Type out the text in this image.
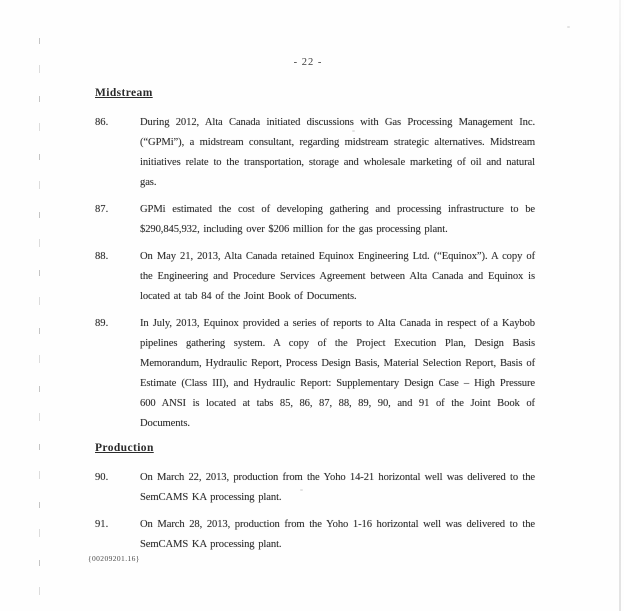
- 22 -
Midstream
86.	During 2012, Alta Canada initiated discussions with Gas Processing Management Inc. (“GPMi”), a midstream consultant, regarding midstream strategic alternatives. Midstream initiatives relate to the transportation, storage and wholesale marketing of oil and natural gas.
87.	GPMi estimated the cost of developing gathering and processing infrastructure to be $290,845,932, including over $206 million for the gas processing plant.
88.	On May 21, 2013, Alta Canada retained Equinox Engineering Ltd. (“Equinox”). A copy of the Engineering and Procedure Services Agreement between Alta Canada and Equinox is located at tab 84 of the Joint Book of Documents.
89.	In July, 2013, Equinox provided a series of reports to Alta Canada in respect of a Kaybob pipelines gathering system. A copy of the Project Execution Plan, Design Basis Memorandum, Hydraulic Report, Process Design Basis, Material Selection Report, Basis of Estimate (Class III), and Hydraulic Report: Supplementary Design Case – High Pressure 600 ANSI is located at tabs 85, 86, 87, 88, 89, 90, and 91 of the Joint Book of Documents.
Production
90.	On March 22, 2013, production from the Yoho 14-21 horizontal well was delivered to the SemCAMS KA processing plant.
91.	On March 28, 2013, production from the Yoho 1-16 horizontal well was delivered to the SemCAMS KA processing plant.
{00209201.16}
